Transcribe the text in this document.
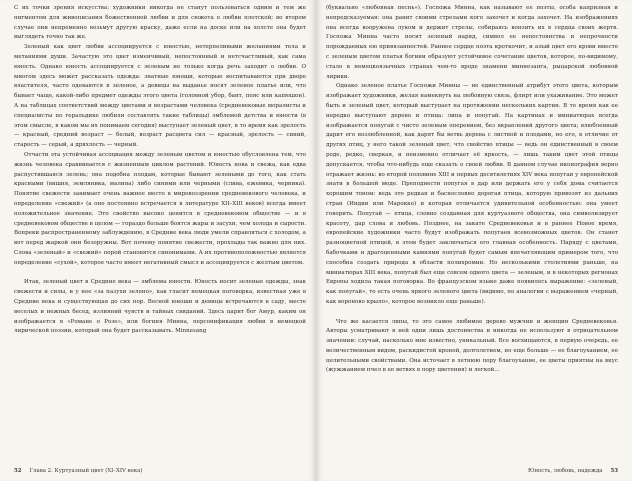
С их точки зрения искусства: художники никогда не станут пользоваться одним и тем же пигментом для живописания божественной любви и для сюжета о любви плотской; во втором случае они непременно возьмут другую краску, даже если на доске или на холсте она будет выглядеть точно так же.

Зеленый как цвет любви ассоциируется с юностью, нетерпеливыми желаниями тела и метаниями души. Зачастую это цвет изменчивый, непостоянный и нетсчастливый, как сама юность. Однако юность ассоциируется с зеленым не только когда речь заходит о любви. О многом здесь может рассказать одежда: знатные юноши, которые воспитываются при дворе властителя, часто одеваются в зеленое, а девицы на выданье носят зеленое платье или, что бывает чаще, какой-либо предмет одежды этого цвета (головной убор, бант, пояс или капюшон). А на таблицах соответствий между цветами и возрастами человека (средневековые моралисты и специалисты по геральдике любили составлять такие таблицы) эмблемой детства и юности (в этом смысле, в каком мы их понимаем сегодня) выступает зеленый цвет, в то время как зрелость — красный, средний возраст — белый, возраст расцвета сил — красный, зрелость — синий, старость — серый, а дряхлость — черный.

Отчасти эта устойчивая ассоциация между зеленым цветом и юностью обусловлена тем, что жизнь человека сравнивается с жизненным циклом растений. Юность нова и свежа, как едва распустившаяся зелень; она подобна плодам, которые бывают зелеными до того, как стать красными (вишня, земляника, малина) либо синими или черными (слива, ежевика, черника). Понятие свежести занимает очень важное место в мировоззрении средневекового человека, и определение «свежий» (а оно постоянно встречается в литературе XII–XIII веков) всегда имеет положительное значение. Это свойство высоко ценится в средневековом обществе — и в средневековом обществе в целом — гораздо больше боятся жары и засухи, чем холода и сырости. Вопреки распространенному заблуждению, в Средние века люди умели справляться с холодом, а вот перед жаркой они безоружны. Вот почему понятие свежести, прохлады так важно для них. Слова «зеленый» и «свежий» порой становятся синонимами. А их противоположностью является определение «сухой», которое часто имеет негативный смысл и ассоциируется с желтым цветом.

Итак, зеленый цвет в Средние века — эмблема юности. Юность носит зеленые одежды, знак свежести и силы, и у нее «за пазухи зелено», как гласит немецкая поговорка, известная уже в Средние века и существующая до сих пор. Весной юноши и девицы встречаются в саду, месте веселых и нежных бесед, излияний чувств и тайных свиданий. Здесь царит бог Амур, каким он изображается в «Романе о Розе», или богиня Минна, персонификация любви в немецкой лирической поэзии, который она будет рассказывать. Minnesang

52 Глава 2. Куртуазный цвет (XI–XIV века)

(буквально «любовная песнь»). Госпожа Минна, как называют ее поэты, особа капризная и непредсказуемая: она ранит своими стрелами кого захочет и когда захочет. На изображениях она всегда вооружена луком и держит стрелы, собираясь вонзить их в сердца своих жертв. Госпожа Минна часто носит зеленый наряд, символ ее непостоянства и непрочности порождаемых ею привязанностей. Раннее сердце поэта кроткочит, и алый цвет его крови вместе с зеленым цветом платья богини образуют устойчивое сочетание цветов, которое, по-видимому, стало в немецкоязычных странах чем-то вроде знамени миннезанга, рыцарской любовной лирики.

Однако зеленое платье Госпожи Минны — не единственный атрибут этого цвета, которым изображает художники, желая намекнуть на любовную связь, флирт или ухаживание. Это может быть и зеленый цвет, который выступает на протяжении нескольких картин. В то время как ее нередко выступают дерево и птица: липа и попугай. На картинах и миниатюрах всегда изображается попугай с чисто зеленым оперением, без вкраплений другого цвета; влюбленный дарит его возлюбленной, как дарят бы ветвь дерева с листвой и плодами, но его, в отличие от других птиц, у него такой зеленый цвет, что свойство птицы — ведь он единственный в своем роде, редко, сверкая, и неизменно отличает её яркость, — лишь таким цвет этой птицы допускается, чтобы что-нибудь еще сказать о своей любви. В данном случае иконография верно отражает жизнь: во второй половине XIII и первых десятилетиях XIV века попугаи у европейской знати в большой моде. Преподнести попугая в дар или держать его у себя дома считается хорошим тоном: ведь это редкая и баснословно дорогая птица, которую привозят из дальних стран (Индии или Марокко) и которая отличается удивительной особенностью: она умеет говорить. Попугай — птица, словно созданная для куртуазного общества, она символизирует красоту, дар слова и любовь. Позднее, на закате Средневековья и в раннее Новое время, европейские художники часто будут изображать попугаев всевозможных цветов. Он станет разноцветной птицей, в этом будет заключаться его главная особенность. Наряду с цветами, бабочками и драгоценными камнями попугай будет самым впечатляющим примером того, что способна создать природа в области полихромии. Но несколькими столетиями раньше, на миниатюрах XIII века, попугай был еще совсем одного цвета — зеленым, и в некоторых регионах Европы ходила такая поговорка. Во французском языке даже появилось выражение: «зеленый, как попугай», то есть очень яркого зеленого цвета (видимо, по аналогии с выражением «черный, как вороново крыло», которое возникло еще раньше).

Что же касается липы, то это самое любимое дерево мужчин и женщин Средневековья. Авторы усматривают в ней одни лишь достоинства и никогда не используют в отрицательном значении: случай, насколько мне известно, уникальный. Все восхищаются, в первую очередь, ее величественным видом, раскидистой кроной, долголетием, но еще больше — ее благоуханием, ее целительными свойствами. Она источает в летнюю пору благоухание, ее цветы приятны на вкус (жужжанием пчел в ее ветвях в пору цветения) и легкой...

Юность, любовь, надежда 53
